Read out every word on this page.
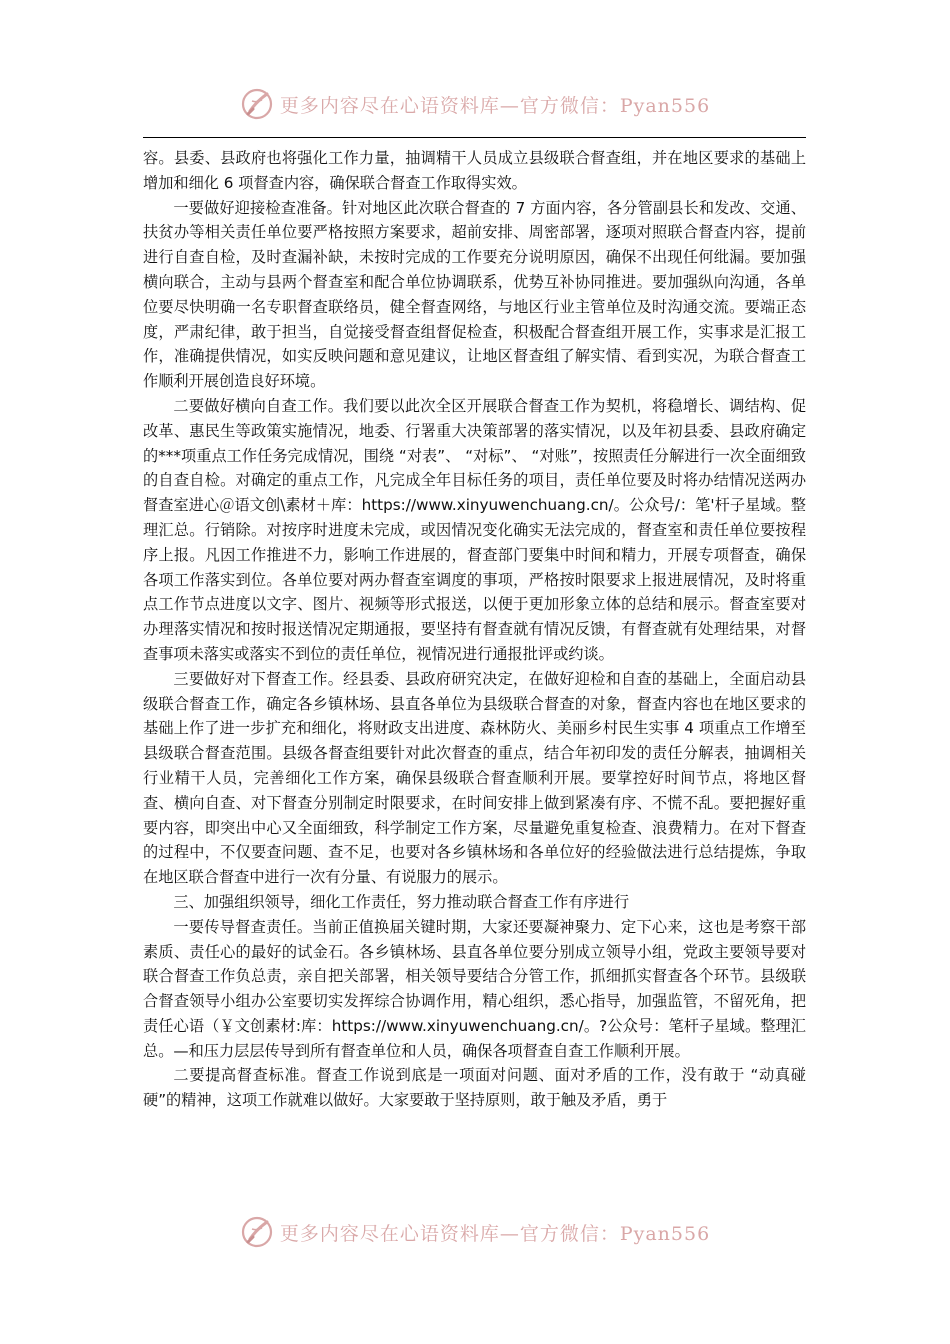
更多内容尽在心语资料库—官方微信：Pyan556

容。县委、县政府也将强化工作力量，抽调精干人员成立县级联合督查组，并在地区要求的基础上增加和细化 6 项督查内容，确保联合督查工作取得实效。

一要做好迎接检查准备。针对地区此次联合督查的 7 方面内容，各分管副县长和发改、交通、扶贫办等相关责任单位要严格按照方案要求，超前安排、周密部署，逐项对照联合督查内容，提前进行自查自检，及时查漏补缺，未按时完成的工作要充分说明原因，确保不出现任何纰漏。要加强横向联合，主动与县两个督查室和配合单位协调联系，优势互补协同推进。要加强纵向沟通，各单位要尽快明确一名专职督查联络员，健全督查网络，与地区行业主管单位及时沟通交流。要端正态度，严肃纪律，敢于担当，自觉接受督查组督促检查，积极配合督查组开展工作，实事求是汇报工作，准确提供情况，如实反映问题和意见建议，让地区督查组了解实情、看到实况，为联合督查工作顺利开展创造良好环境。

二要做好横向自查工作。我们要以此次全区开展联合督查工作为契机，将稳增长、调结构、促改革、惠民生等政策实施情况，地委、行署重大决策部署的落实情况，以及年初县委、县政府确定的***项重点工作任务完成情况，围绕 “对表”、 “对标”、 “对账”，按照责任分解进行一次全面细致的自查自检。对确定的重点工作，凡完成全年目标任务的项目，责任单位要及时将办结情况送两办督查室进心＠语文创\素材＋库：https://www.xinyuwenchuang.cn/。公众号/：笔'杆子星域。整理汇总。行销除。对按序时进度未完成，或因情况变化确实无法完成的，督查室和责任单位要按程序上报。凡因工作推进不力，影响工作进展的，督查部门要集中时间和精力，开展专项督查，确保各项工作落实到位。各单位要对两办督查室调度的事项，严格按时限要求上报进展情况，及时将重点工作节点进度以文字、图片、视频等形式报送，以便于更加形象立体的总结和展示。督查室要对办理落实情况和按时报送情况定期通报，要坚持有督查就有情况反馈，有督查就有处理结果，对督查事项未落实或落实不到位的责任单位，视情况进行通报批评或约谈。

三要做好对下督查工作。经县委、县政府研究决定，在做好迎检和自查的基础上，全面启动县级联合督查工作，确定各乡镇林场、县直各单位为县级联合督查的对象，督查内容也在地区要求的基础上作了进一步扩充和细化，将财政支出进度、森林防火、美丽乡村民生实事 4 项重点工作增至县级联合督查范围。县级各督查组要针对此次督查的重点，结合年初印发的责任分解表，抽调相关行业精干人员，完善细化工作方案，确保县级联合督查顺利开展。要掌控好时间节点，将地区督查、横向自查、对下督查分别制定时限要求，在时间安排上做到紧凑有序、不慌不乱。要把握好重要内容，即突出中心又全面细致，科学制定工作方案，尽量避免重复检查、浪费精力。在对下督查的过程中，不仅要查问题、查不足，也要对各乡镇林场和各单位好的经验做法进行总结提炼，争取在地区联合督查中进行一次有分量、有说服力的展示。

三、加强组织领导，细化工作责任，努力推动联合督查工作有序进行

一要传导督查责任。当前正值换届关键时期，大家还要凝神聚力、定下心来，这也是考察干部素质、责任心的最好的试金石。各乡镇林场、县直各单位要分别成立领导小组，党政主要领导要对联合督查工作负总责，亲自把关部署，相关领导要结合分管工作，抓细抓实督查各个环节。县级联合督查领导小组办公室要切实发挥综合协调作用，精心组织，悉心指导，加强监管，不留死角，把责任心语（￥文创素材:库：https://www.xinyuwenchuang.cn/。?公众号：笔杆子星域。整理汇总。—和压力层层传导到所有督查单位和人员，确保各项督查自查工作顺利开展。

二要提高督查标准。督查工作说到底是一项面对问题、面对矛盾的工作，没有敢于 “动真碰硬”的精神，这项工作就难以做好。大家要敢于坚持原则，敢于触及矛盾，勇于

更多内容尽在心语资料库—官方微信：Pyan556
